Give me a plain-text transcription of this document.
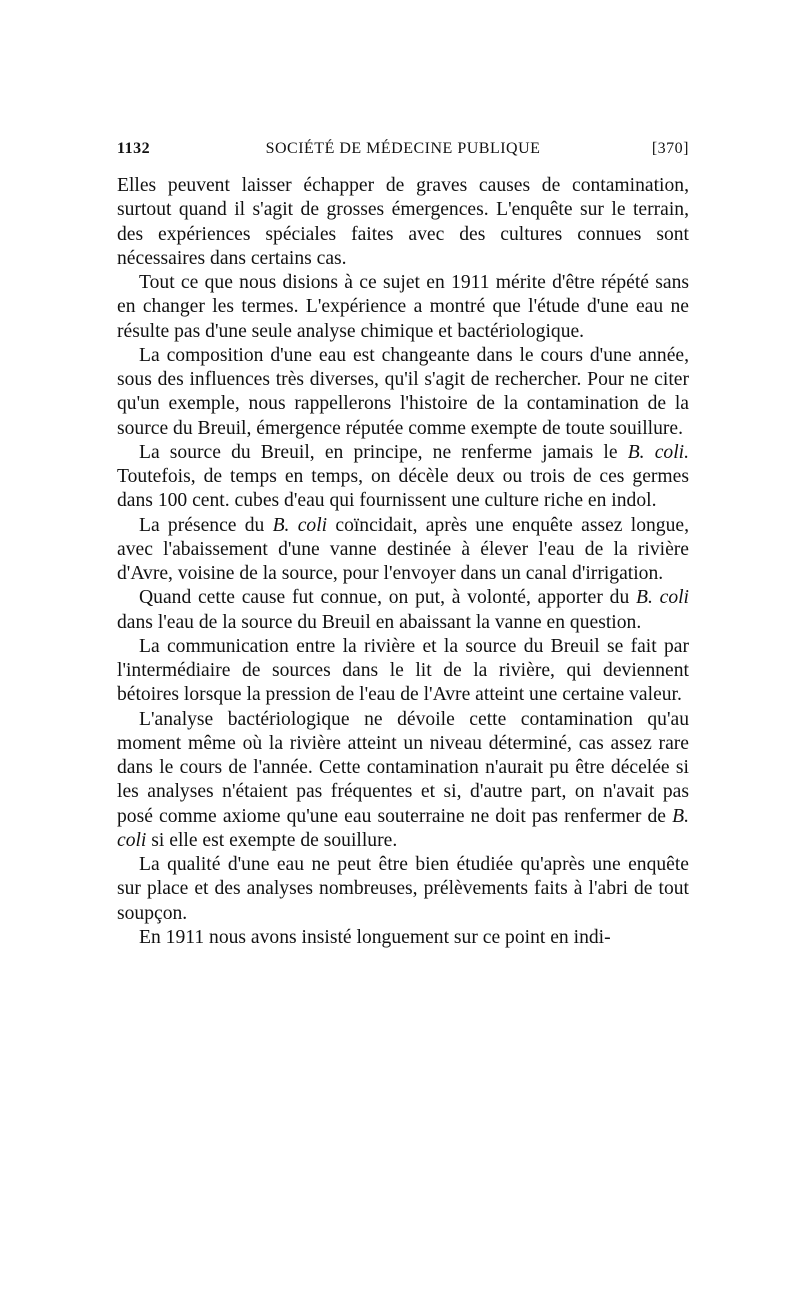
1132	SOCIÉTÉ DE MÉDECINE PUBLIQUE	[370]

Elles peuvent laisser échapper de graves causes de contamination, surtout quand il s'agit de grosses émergences. L'enquête sur le terrain, des expériences spéciales faites avec des cultures connues sont nécessaires dans certains cas.

Tout ce que nous disions à ce sujet en 1911 mérite d'être répété sans en changer les termes. L'expérience a montré que l'étude d'une eau ne résulte pas d'une seule analyse chimique et bactériologique.

La composition d'une eau est changeante dans le cours d'une année, sous des influences très diverses, qu'il s'agit de rechercher. Pour ne citer qu'un exemple, nous rappellerons l'histoire de la contamination de la source du Breuil, émergence réputée comme exempte de toute souillure.

La source du Breuil, en principe, ne renferme jamais le B. coli. Toutefois, de temps en temps, on décèle deux ou trois de ces germes dans 100 cent. cubes d'eau qui fournissent une culture riche en indol.

La présence du B. coli coïncidait, après une enquête assez longue, avec l'abaissement d'une vanne destinée à élever l'eau de la rivière d'Avre, voisine de la source, pour l'envoyer dans un canal d'irrigation.

Quand cette cause fut connue, on put, à volonté, apporter du B. coli dans l'eau de la source du Breuil en abaissant la vanne en question.

La communication entre la rivière et la source du Breuil se fait par l'intermédiaire de sources dans le lit de la rivière, qui deviennent bétoires lorsque la pression de l'eau de l'Avre atteint une certaine valeur.

L'analyse bactériologique ne dévoile cette contamination qu'au moment même où la rivière atteint un niveau déterminé, cas assez rare dans le cours de l'année. Cette contamination n'aurait pu être décelée si les analyses n'étaient pas fréquentes et si, d'autre part, on n'avait pas posé comme axiome qu'une eau souterraine ne doit pas renfermer de B. coli si elle est exempte de souillure.

La qualité d'une eau ne peut être bien étudiée qu'après une enquête sur place et des analyses nombreuses, prélèvements faits à l'abri de tout soupçon.

En 1911 nous avons insisté longuement sur ce point en indi-
